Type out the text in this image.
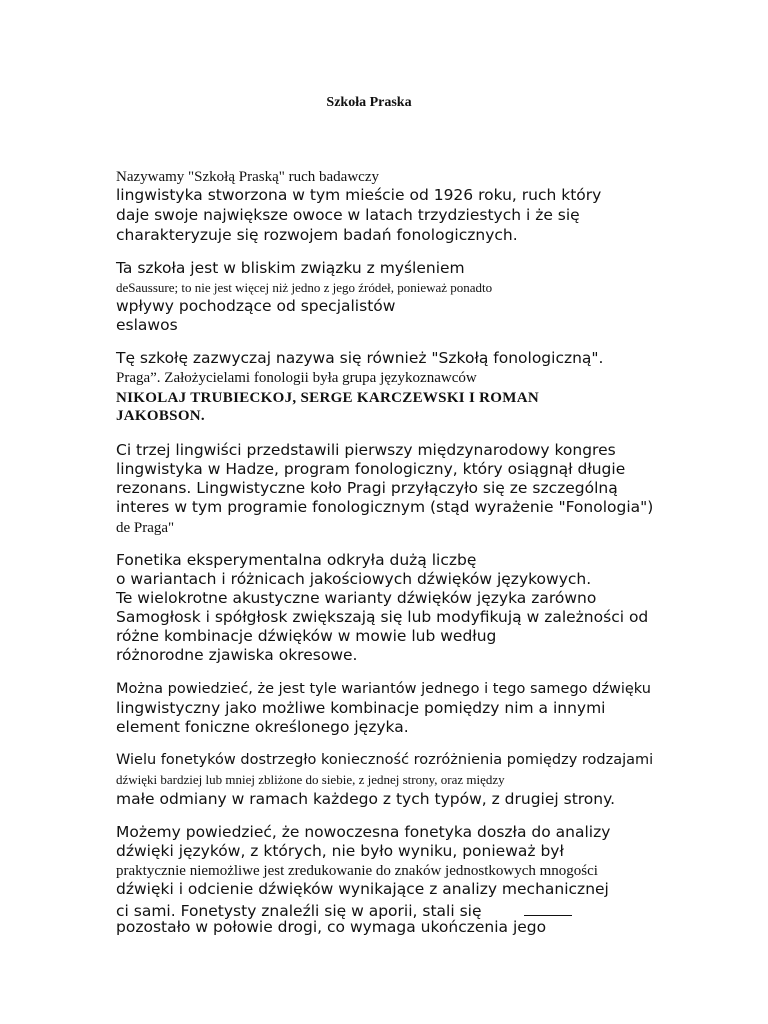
Szkoła Praska
Nazywamy "Szkołą Praską" ruch badawczy
lingwistyka stworzona w tym mieście od 1926 roku, ruch który
daje swoje największe owoce w latach trzydziestych i że się
charakteryzuje się rozwojem badań fonologicznych.
Ta szkoła jest w bliskim związku z myśleniem
deSaussure; to nie jest więcej niż jedno z jego źródeł, ponieważ ponadto
wpływy pochodzące od specjalistów
eslawos
Tę szkołę zazwyczaj nazywa się również "Szkołą fonologiczną".
Praga”. Założycielami fonologii była grupa językoznawców
NIKOLAJ TRUBIECKOJ, SERGE KARCZEWSKI I ROMAN
JAKOBSON.
Ci trzej lingwiści przedstawili pierwszy międzynarodowy kongres
lingwistyka w Hadze, program fonologiczny, który osiągnął długie
rezonans. Lingwistyczne koło Pragi przyłączyło się ze szczególną
interes w tym programie fonologicznym (stąd wyrażenie "Fonologia")
de Praga"
Fonetika eksperymentalna odkryła dużą liczbę
o wariantach i różnicach jakościowych dźwięków językowych.
Te wielokrotne akustyczne warianty dźwięków języka zarówno
Samogłosk i spółgłosk zwiększają się lub modyfikują w zależności od
różne kombinacje dźwięków w mowie lub według
różnorodne zjawiska okresowe.
Można powiedzieć, że jest tyle wariantów jednego i tego samego dźwięku
lingwistyczny jako możliwe kombinacje pomiędzy nim a innymi
element foniczne określonego języka.
Wielu fonetyków dostrzegło konieczność rozróżnienia pomiędzy rodzajami
dźwięki bardziej lub mniej zbliżone do siebie, z jednej strony, oraz między
małe odmiany w ramach każdego z tych typów, z drugiej strony.
Możemy powiedzieć, że nowoczesna fonetyka doszła do analizy
dźwięki języków, z których, nie było wyniku, ponieważ był
praktycznie niemożliwe jest zredukowanie do znaków jednostkowych mnogości
dźwięki i odcienie dźwięków wynikające z analizy mechanicznej
ci sami. Fonetysty znaleźli się w aporii, stali się
pozostało w połowie drogi, co wymaga ukończenia jego
